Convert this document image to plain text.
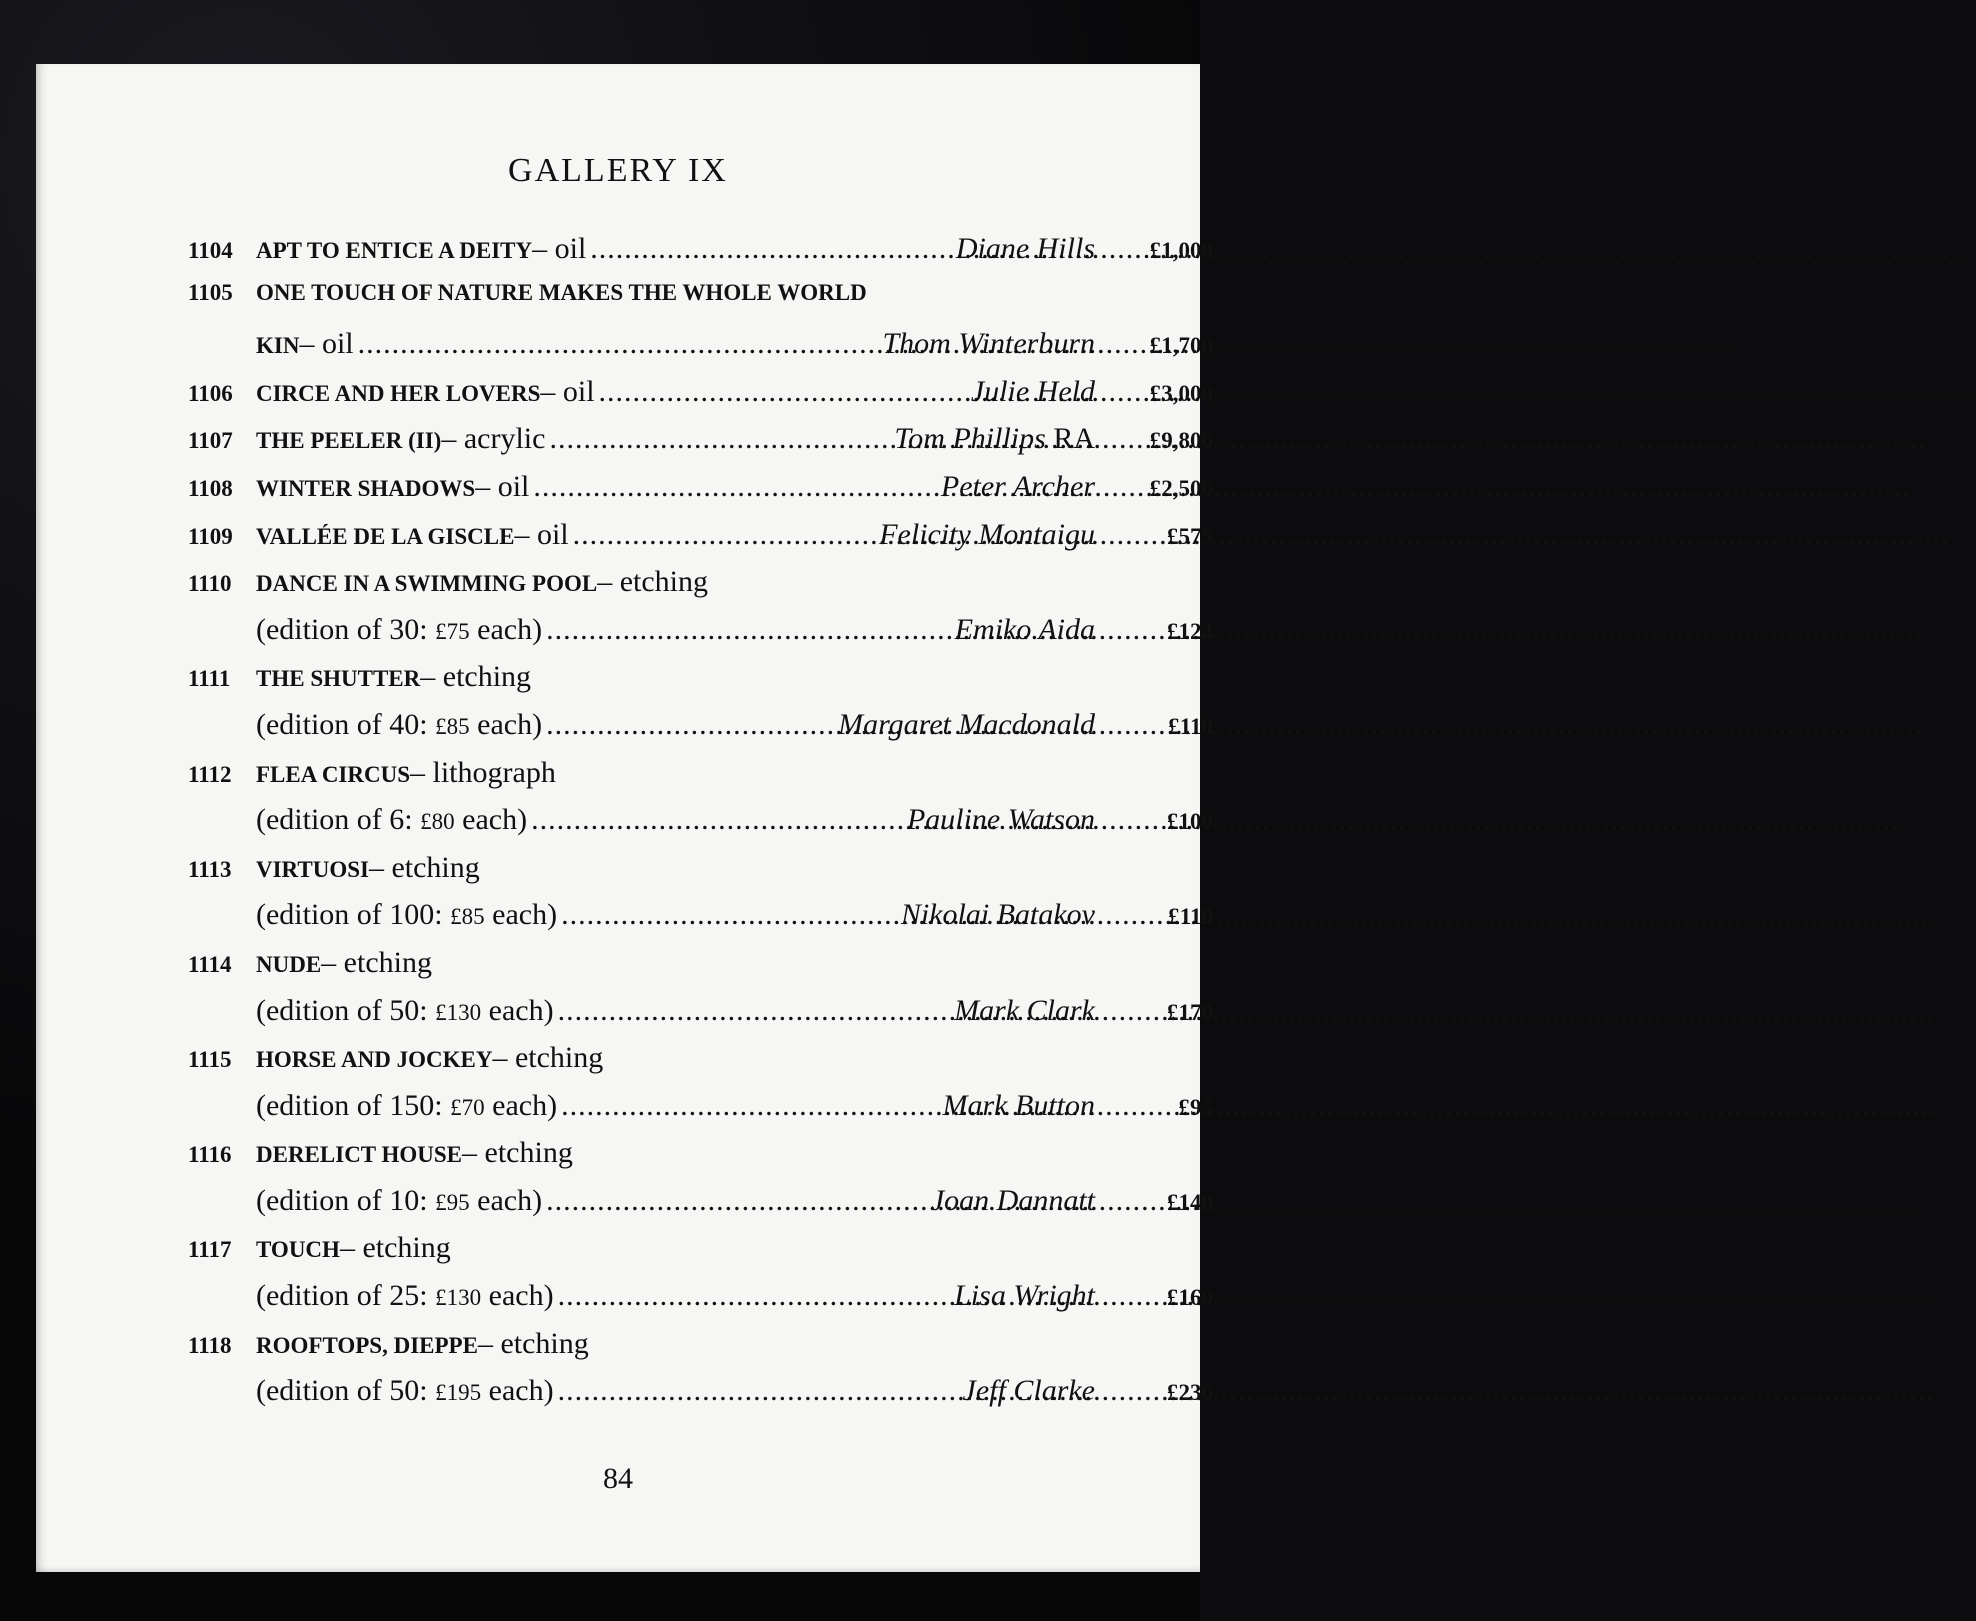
GALLERY IX
1104	APT TO ENTICE A DEITY – oil .....	Diane Hills	£1,000
1105	ONE TOUCH OF NATURE MAKES THE WHOLE WORLD
KIN – oil .....	Thom Winterburn	£1,700
1106	CIRCE AND HER LOVERS – oil .....	Julie Held	£3,000
1107	THE PEELER (II) – acrylic .....	Tom Phillips RA	£9,800
1108	WINTER SHADOWS – oil .....	Peter Archer	£2,500
1109	VALLÉE DE LA GISCLE – oil .....	Felicity Montaigu	£575
1110	DANCE IN A SWIMMING POOL – etching
(edition of 30: £75 each) .....	Emiko Aida	£124
1111	THE SHUTTER – etching
(edition of 40: £85 each) .....	Margaret Macdonald	£110
1112	FLEA CIRCUS – lithograph
(edition of 6: £80 each) .....	Pauline Watson	£100
1113	VIRTUOSI – etching
(edition of 100: £85 each) .....	Nikolai Batakov	£110
1114	NUDE – etching
(edition of 50: £130 each) .....	Mark Clark	£170
1115	HORSE AND JOCKEY – etching
(edition of 150: £70 each) .....	Mark Button	£95
1116	DERELICT HOUSE – etching
(edition of 10: £95 each) .....	Joan Dannatt	£140
1117	TOUCH – etching
(edition of 25: £130 each) .....	Lisa Wright	£160
1118	ROOFTOPS, DIEPPE – etching
(edition of 50: £195 each) .....	Jeff Clarke	£230
84
